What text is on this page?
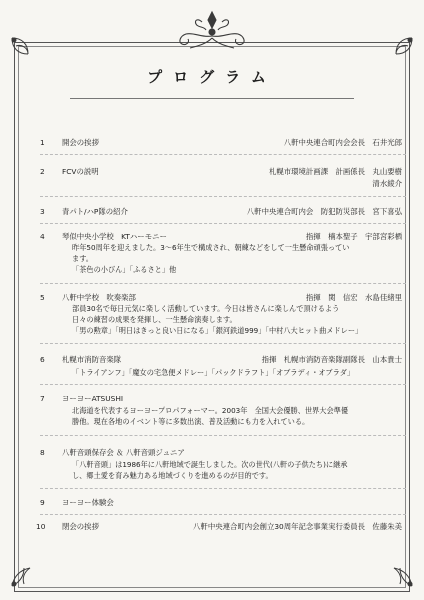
プログラム
1 開会の挨拶	八軒中央連合町内会会長　石井光郎
2 FCVの説明	札幌市環境計画課　計画係長　丸山要樹
清水綾介
3 青パト/ハP隊の紹介	八軒中央連合町内会　防犯防災部長　宮下喜弘
4 琴似中央小学校　KTハーモニー	指揮　楠本聖子　宇部宮彩栖
昨年50周年を迎えました。3～6年生で構成され、朝練などをして一生懸命頑張ってい
ます。
「茶色の小びん」「ふるさと」他
5 八軒中学校　吹奏楽部	指揮　関　信宏　水島佳緒里
部員30名で毎日元気に楽しく活動しています。今日は皆さんに楽しんで頂けるよう
日々の練習の成果を発揮し、一生懸命演奏します。
「男の勲章」「明日はきっと良い日になる」「銀河鉄道999」「中村八大ヒット曲メドレー」
6 札幌市消防音楽隊	指揮　札幌市消防音楽隊副隊長　山本貴士
「トライアンフ」「魔女の宅急便メドレー」「パックドラフト」「オブラディ・オブラダ」
7 ヨーヨーATSUSHI
北海道を代表するヨーヨープロパフォーマー。2003年　全国大会優勝、世界大会準優
勝他。現在各地のイベント等に多数出演、普及活動にも力を入れている。
8 八軒音頭保存会 ＆ 八軒音頭ジュニア
「八軒音頭」は1986年に八軒地域で誕生しました。次の世代(八軒の子供たち)に継承
し、郷土愛を育み魅力ある地域づくりを進めるのが目的です。
9 ヨーヨー体験会
10 閉会の挨拶	八軒中央連合町内会創立30周年記念事業実行委員長　佐藤朱美
